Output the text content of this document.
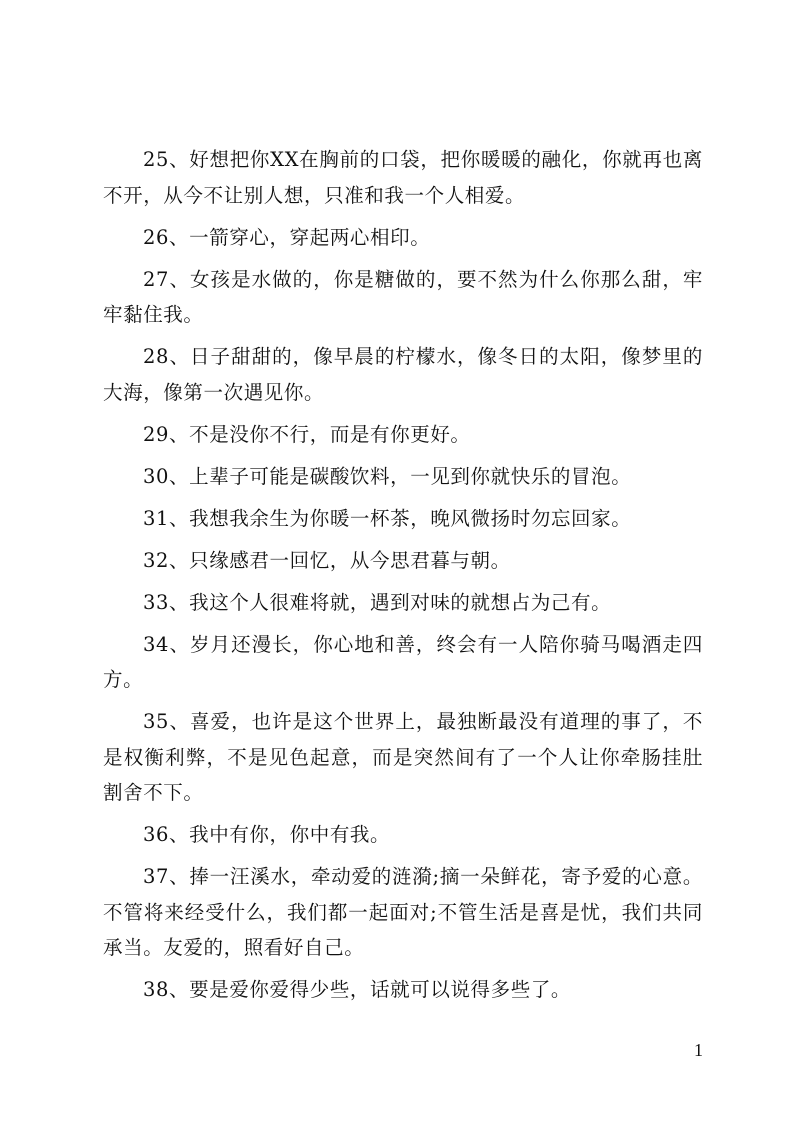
25、好想把你XX在胸前的口袋，把你暖暖的融化，你就再也离不开，从今不让别人想，只准和我一个人相爱。

26、一箭穿心，穿起两心相印。

27、女孩是水做的，你是糖做的，要不然为什么你那么甜，牢牢黏住我。

28、日子甜甜的，像早晨的柠檬水，像冬日的太阳，像梦里的大海，像第一次遇见你。

29、不是没你不行，而是有你更好。

30、上辈子可能是碳酸饮料，一见到你就快乐的冒泡。

31、我想我余生为你暖一杯茶，晚风微扬时勿忘回家。

32、只缘感君一回忆，从今思君暮与朝。

33、我这个人很难将就，遇到对味的就想占为己有。

34、岁月还漫长，你心地和善，终会有一人陪你骑马喝酒走四方。

35、喜爱，也许是这个世界上，最独断最没有道理的事了，不是权衡利弊，不是见色起意，而是突然间有了一个人让你牵肠挂肚割舍不下。

36、我中有你，你中有我。

37、捧一汪溪水，牵动爱的涟漪;摘一朵鲜花，寄予爱的心意。不管将来经受什么，我们都一起面对;不管生活是喜是忧，我们共同承当。友爱的，照看好自己。

38、要是爱你爱得少些，话就可以说得多些了。

1
